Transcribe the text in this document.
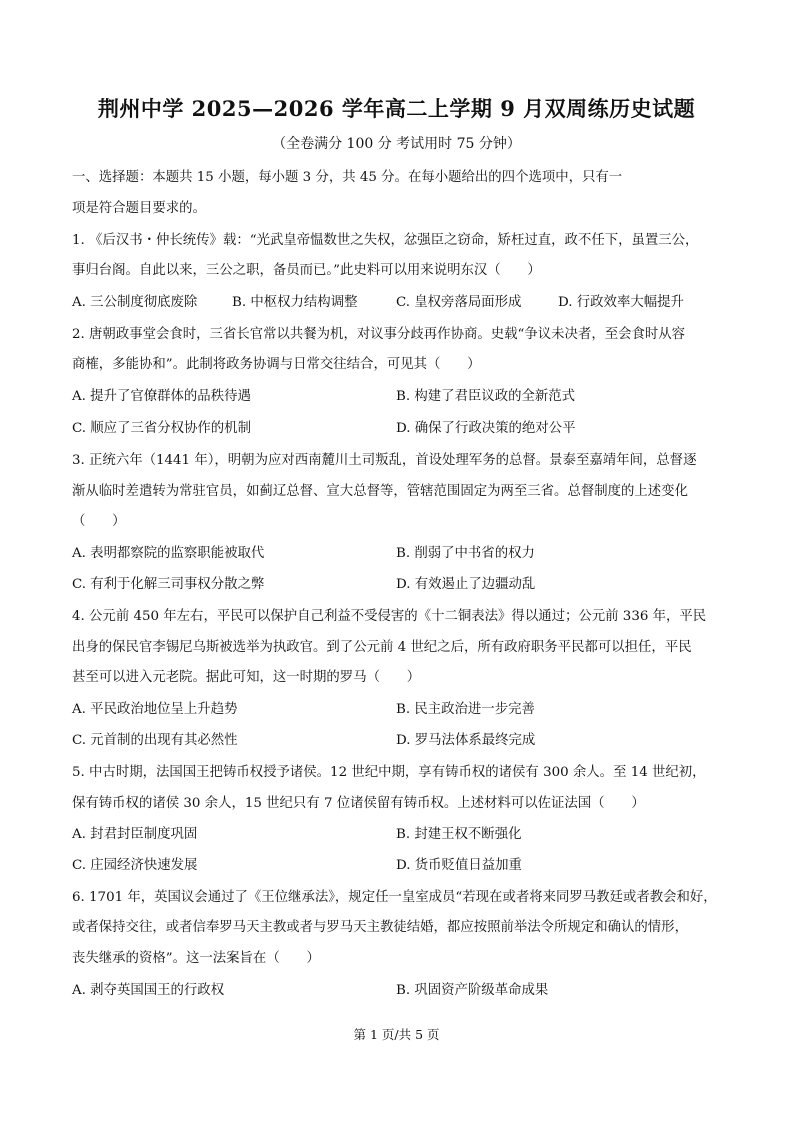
荆州中学 2025—2026 学年高二上学期 9 月双周练历史试题
（全卷满分 100 分 考试用时 75 分钟）
一、选择题：本题共 15 小题，每小题 3 分，共 45 分。在每小题给出的四个选项中，只有一
项是符合题目要求的。
1. 《后汉书・仲长统传》载：“光武皇帝愠数世之失权，忿强臣之窃命，矫枉过直，政不任下，虽置三公，
事归台阁。自此以来，三公之职，备员而已。”此史料可以用来说明东汉（　　）
A. 三公制度彻底废除	B. 中枢权力结构调整	C. 皇权旁落局面形成	D. 行政效率大幅提升
2. 唐朝政事堂会食时，三省长官常以共餐为机，对议事分歧再作协商。史载“争议未决者，至会食时从容
商榷，多能协和”。此制将政务协调与日常交往结合，可见其（　　）
A. 提升了官僚群体的品秩待遇	B. 构建了君臣议政的全新范式
C. 顺应了三省分权协作的机制	D. 确保了行政决策的绝对公平
3. 正统六年（1441 年），明朝为应对西南麓川土司叛乱，首设处理军务的总督。景泰至嘉靖年间，总督逐
渐从临时差遣转为常驻官员，如蓟辽总督、宣大总督等，管辖范围固定为两至三省。总督制度的上述变化
（　　）
A. 表明都察院的监察职能被取代	B. 削弱了中书省的权力
C. 有利于化解三司事权分散之弊	D. 有效遏止了边疆动乱
4. 公元前 450 年左右，平民可以保护自己利益不受侵害的《十二铜表法》得以通过；公元前 336 年，平民
出身的保民官李锡尼乌斯被选举为执政官。到了公元前 4 世纪之后，所有政府职务平民都可以担任，平民
甚至可以进入元老院。据此可知，这一时期的罗马（　　）
A. 平民政治地位呈上升趋势	B. 民主政治进一步完善
C. 元首制的出现有其必然性	D. 罗马法体系最终完成
5. 中古时期，法国国王把铸币权授予诸侯。12 世纪中期，享有铸币权的诸侯有 300 余人。至 14 世纪初，
保有铸币权的诸侯 30 余人，15 世纪只有 7 位诸侯留有铸币权。上述材料可以佐证法国（　　）
A. 封君封臣制度巩固	B. 封建王权不断强化
C. 庄园经济快速发展	D. 货币贬值日益加重
6. 1701 年，英国议会通过了《王位继承法》，规定任一皇室成员“若现在或者将来同罗马教廷或者教会和好，
或者保持交往，或者信奉罗马天主教或者与罗马天主教徒结婚，都应按照前举法令所规定和确认的情形，
丧失继承的资格”。这一法案旨在（　　）
A. 剥夺英国国王的行政权	B. 巩固资产阶级革命成果
第 1 页/共 5 页
